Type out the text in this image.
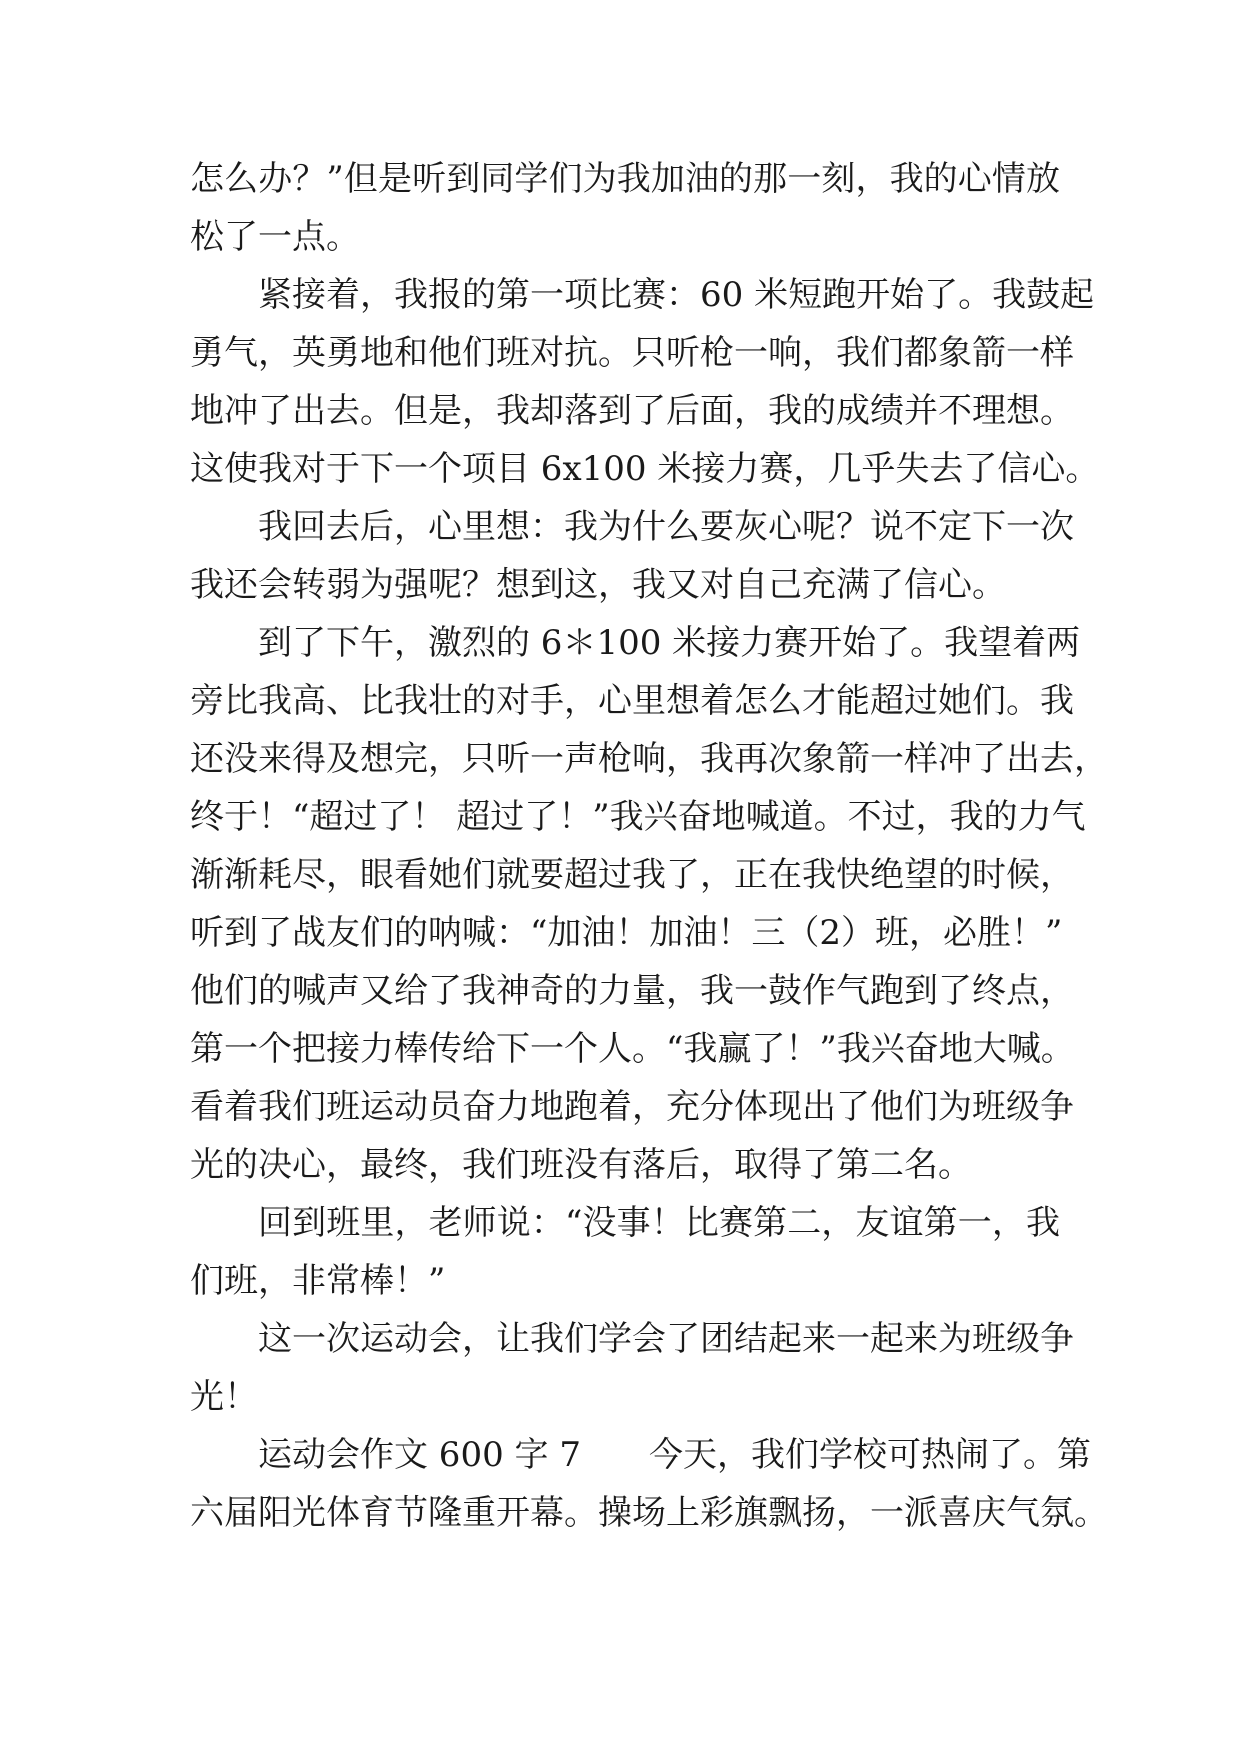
怎么办？”但是听到同学们为我加油的那一刻，我的心情放
松了一点。
紧接着，我报的第一项比赛：60 米短跑开始了。我鼓起
勇气，英勇地和他们班对抗。只听枪一响，我们都象箭一样
地冲了出去。但是，我却落到了后面，我的成绩并不理想。
这使我对于下一个项目 6x100 米接力赛，几乎失去了信心。
我回去后，心里想：我为什么要灰心呢？说不定下一次
我还会转弱为强呢？想到这，我又对自己充满了信心。
到了下午，激烈的 6＊100 米接力赛开始了。我望着两
旁比我高、比我壮的对手，心里想着怎么才能超过她们。我
还没来得及想完，只听一声枪响，我再次象箭一样冲了出去，
终于！“超过了！ 超过了！”我兴奋地喊道。不过，我的力气
渐渐耗尽，眼看她们就要超过我了，正在我快绝望的时候，
听到了战友们的呐喊：“加油！加油！三（2）班，必胜！”
他们的喊声又给了我神奇的力量，我一鼓作气跑到了终点，
第一个把接力棒传给下一个人。“我赢了！”我兴奋地大喊。
看着我们班运动员奋力地跑着，充分体现出了他们为班级争
光的决心，最终，我们班没有落后，取得了第二名。
回到班里，老师说：“没事！比赛第二，友谊第一，我
们班，非常棒！”
这一次运动会，让我们学会了团结起来一起来为班级争
光！
运动会作文 600 字 7　　今天，我们学校可热闹了。第
六届阳光体育节隆重开幕。操场上彩旗飘扬，一派喜庆气氛。
